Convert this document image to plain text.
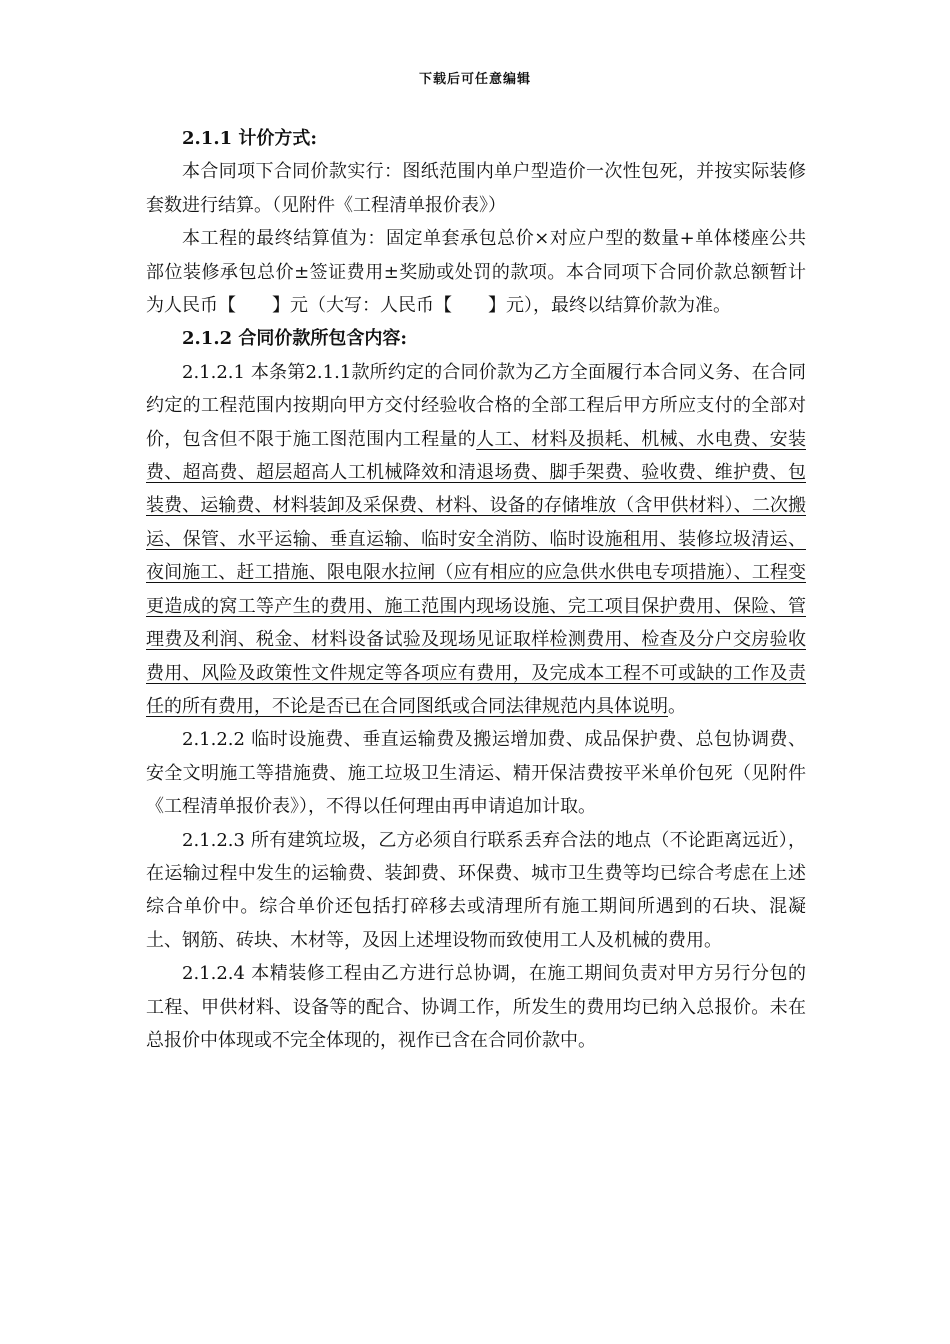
下载后可任意编辑

2.1.1 计价方式:

本合同项下合同价款实行：图纸范围内单户型造价一次性包死，并按实际装修套数进行结算。（见附件《工程清单报价表》）

本工程的最终结算值为：固定单套承包总价×对应户型的数量+单体楼座公共部位装修承包总价±签证费用±奖励或处罚的款项。本合同项下合同价款总额暂计为人民币【　　】元（大写：人民币【　　】元），最终以结算价款为准。

2.1.2 合同价款所包含内容:

2.1.2.1 本条第2.1.1款所约定的合同价款为乙方全面履行本合同义务、在合同约定的工程范围内按期向甲方交付经验收合格的全部工程后甲方所应支付的全部对价，包含但不限于施工图范围内工程量的人工、材料及损耗、机械、水电费、安装费、超高费、超层超高人工机械降效和清退场费、脚手架费、验收费、维护费、包装费、运输费、材料装卸及采保费、材料、设备的存储堆放（含甲供材料）、二次搬运、保管、水平运输、垂直运输、临时安全消防、临时设施租用、装修垃圾清运、夜间施工、赶工措施、限电限水拉闸（应有相应的应急供水供电专项措施）、工程变更造成的窝工等产生的费用、施工范围内现场设施、完工项目保护费用、保险、管理费及利润、税金、材料设备试验及现场见证取样检测费用、检查及分户交房验收费用、风险及政策性文件规定等各项应有费用，及完成本工程不可或缺的工作及责任的所有费用，不论是否已在合同图纸或合同法律规范内具体说明。

2.1.2.2 临时设施费、垂直运输费及搬运增加费、成品保护费、总包协调费、安全文明施工等措施费、施工垃圾卫生清运、精开保洁费按平米单价包死（见附件《工程清单报价表》），不得以任何理由再申请追加计取。

2.1.2.3 所有建筑垃圾，乙方必须自行联系丢弃合法的地点（不论距离远近），在运输过程中发生的运输费、装卸费、环保费、城市卫生费等均已综合考虑在上述综合单价中。综合单价还包括打碎移去或清理所有施工期间所遇到的石块、混凝土、钢筋、砖块、木材等，及因上述埋设物而致使用工人及机械的费用。

2.1.2.4 本精装修工程由乙方进行总协调，在施工期间负责对甲方另行分包的工程、甲供材料、设备等的配合、协调工作，所发生的费用均已纳入总报价。未在总报价中体现或不完全体现的，视作已含在合同价款中。
